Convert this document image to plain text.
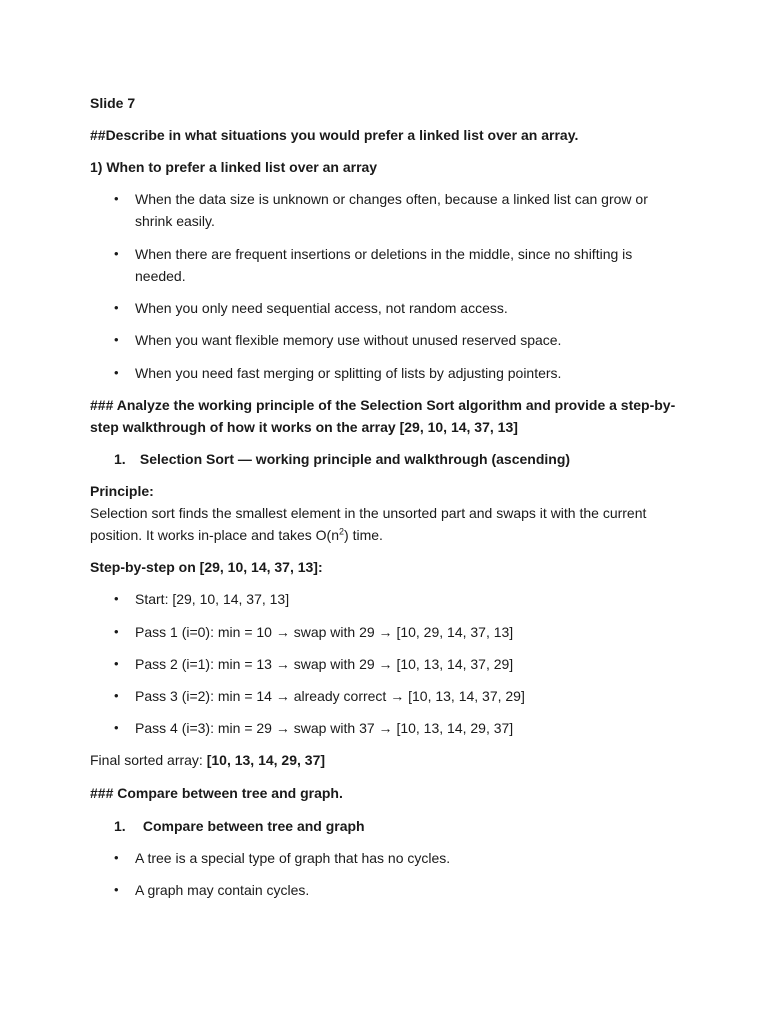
Slide 7
##Describe in what situations you would prefer a linked list over an array.
1) When to prefer a linked list over an array
• When the data size is unknown or changes often, because a linked list can grow or shrink easily.
• When there are frequent insertions or deletions in the middle, since no shifting is needed.
• When you only need sequential access, not random access.
• When you want flexible memory use without unused reserved space.
• When you need fast merging or splitting of lists by adjusting pointers.
### Analyze the working principle of the Selection Sort algorithm and provide a step-by-step walkthrough of how it works on the array [29, 10, 14, 37, 13]
1. Selection Sort — working principle and walkthrough (ascending)
Principle:
Selection sort finds the smallest element in the unsorted part and swaps it with the current position. It works in-place and takes $O(n^2)$ time.
Step-by-step on [29, 10, 14, 37, 13]:
• Start: [29, 10, 14, 37, 13]
• Pass 1 (i=0): min = 10 → swap with 29 → [10, 29, 14, 37, 13]
• Pass 2 (i=1): min = 13 → swap with 29 → [10, 13, 14, 37, 29]
• Pass 3 (i=2): min = 14 → already correct → [10, 13, 14, 37, 29]
• Pass 4 (i=3): min = 29 → swap with 37 → [10, 13, 14, 29, 37]
Final sorted array: [10, 13, 14, 29, 37]
### Compare between tree and graph.
1. Compare between tree and graph
• A tree is a special type of graph that has no cycles.
• A graph may contain cycles.
